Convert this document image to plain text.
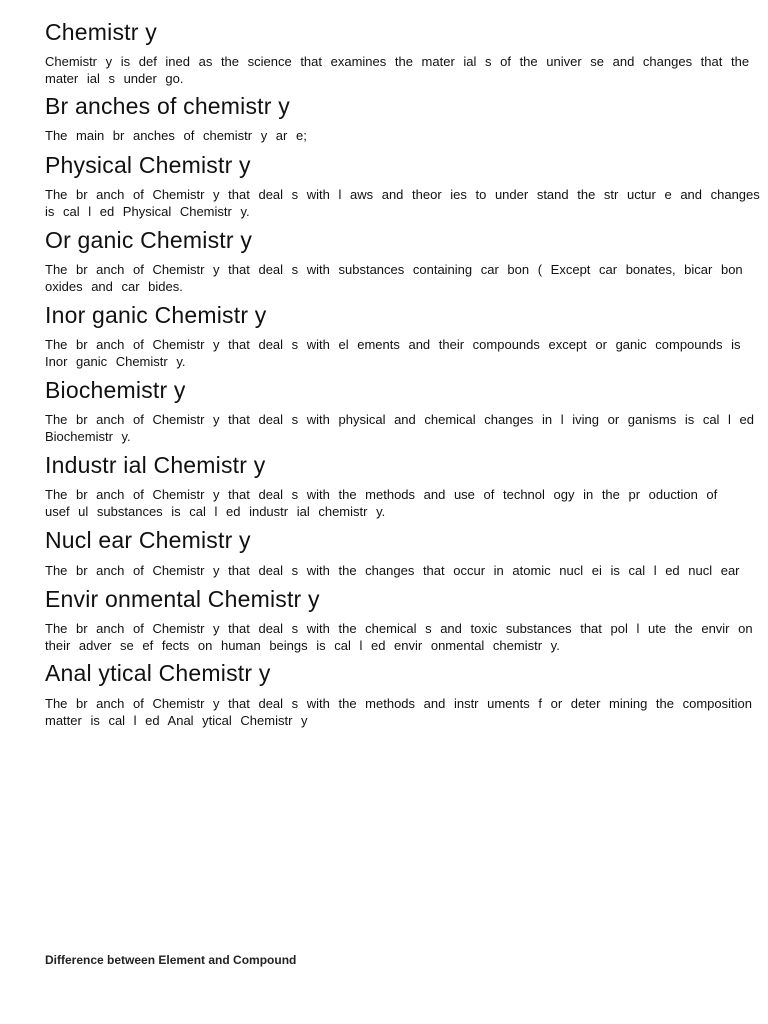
Chemistr y
Chemistr y is def ined as the science that examines the mater ial s of the univer se and changes that the
mater ial s under go.
Br anches of chemistr y
The main br anches of chemistr y ar e;
Physical Chemistr y
The br anch of Chemistr y that deal s with l aws and theor ies to under stand the str uctur e and changes
is cal l ed Physical Chemistr y.
Or ganic Chemistr y
The br anch of Chemistr y that deal s with substances containing car bon ( Except car bonates, bicar bon
oxides and car bides.
Inor ganic Chemistr y
The br anch of Chemistr y that deal s with el ements and their compounds except or ganic compounds is
Inor ganic Chemistr y.
Biochemistr y
The br anch of Chemistr y that deal s with physical and chemical changes in l iving or ganisms is cal l ed
Biochemistr y.
Industr ial Chemistr y
The br anch of Chemistr y that deal s with the methods and use of technol ogy in the pr oduction of
usef ul substances is cal l ed industr ial chemistr y.
Nucl ear Chemistr y
The br anch of Chemistr y that deal s with the changes that occur in atomic nucl ei is cal l ed nucl ear
Envir onmental Chemistr y
The br anch of Chemistr y that deal s with the chemical s and toxic substances that pol l ute the envir on
their adver se ef fects on human beings is cal l ed envir onmental chemistr y.
Anal ytical Chemistr y
The br anch of Chemistr y that deal s with the methods and instr uments f or deter mining the composition
matter is cal l ed Anal ytical Chemistr y
Difference between Element and Compound
